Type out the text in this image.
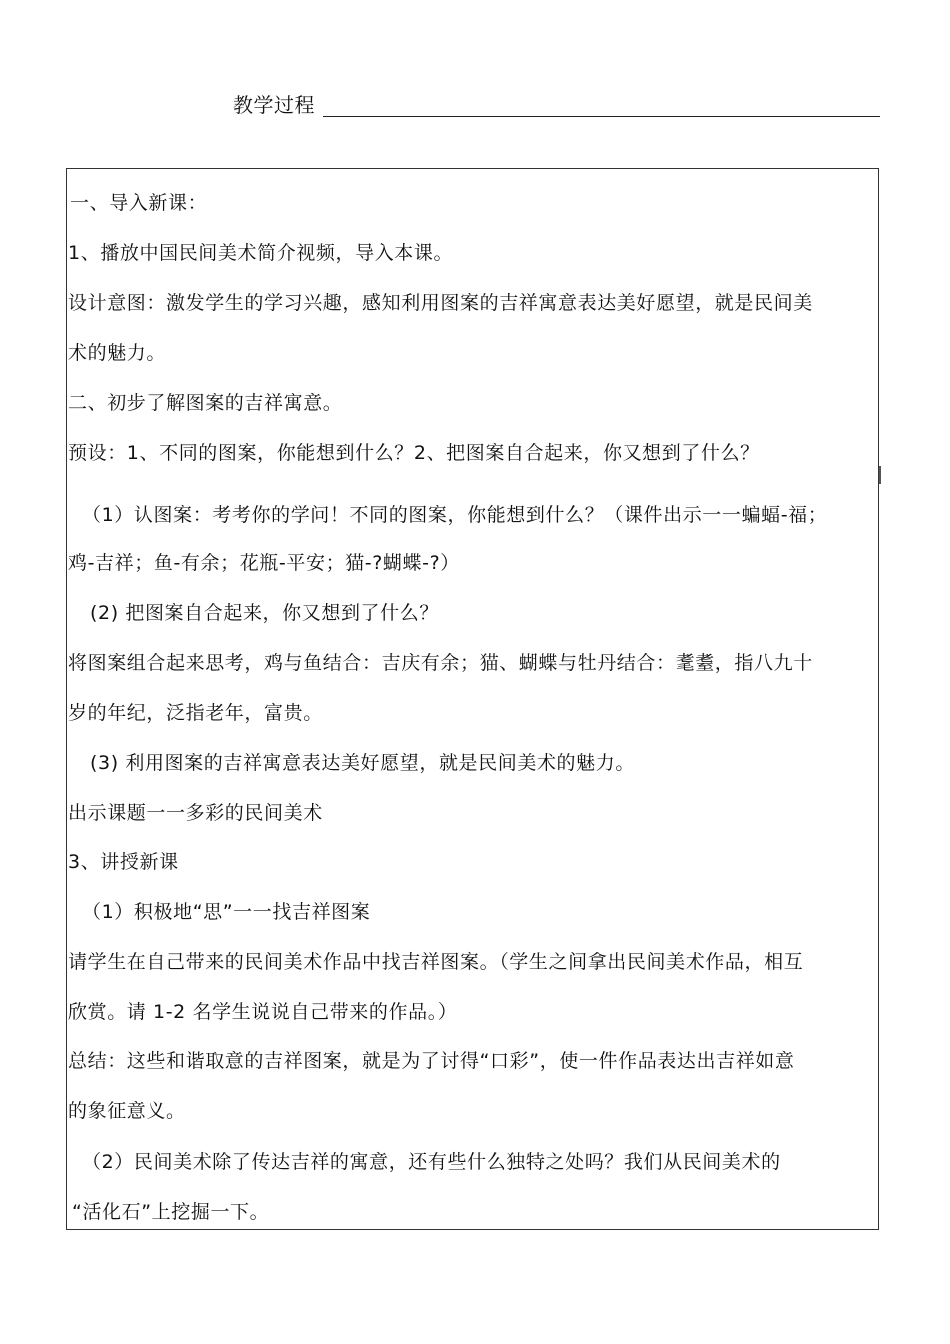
教学过程
一、导入新课：
1、播放中国民间美术简介视频，导入本课。
设计意图：激发学生的学习兴趣，感知利用图案的吉祥寓意表达美好愿望，就是民间美
术的魅力。
二、初步了解图案的吉祥寓意。
预设：1、不同的图案，你能想到什么？2、把图案自合起来，你又想到了什么？
（1）认图案：考考你的学问！不同的图案，你能想到什么？（课件出示一一蝙蝠-福；
鸡-吉祥；鱼-有余；花瓶-平安；猫-?蝴蝶-?）
(2) 把图案自合起来，你又想到了什么？
将图案组合起来思考，鸡与鱼结合：吉庆有余；猫、蝴蝶与牡丹结合：耄耋，指八九十
岁的年纪，泛指老年，富贵。
(3) 利用图案的吉祥寓意表达美好愿望，就是民间美术的魅力。
出示课题一一多彩的民间美术
3、讲授新课
（1）积极地“思”一一找吉祥图案
请学生在自己带来的民间美术作品中找吉祥图案。（学生之间拿出民间美术作品，相互
欣赏。请 1-2 名学生说说自己带来的作品。）
总结：这些和谐取意的吉祥图案，就是为了讨得“口彩”，使一件作品表达出吉祥如意
的象征意义。
（2）民间美术除了传达吉祥的寓意，还有些什么独特之处吗？我们从民间美术的
“活化石”上挖掘一下。
